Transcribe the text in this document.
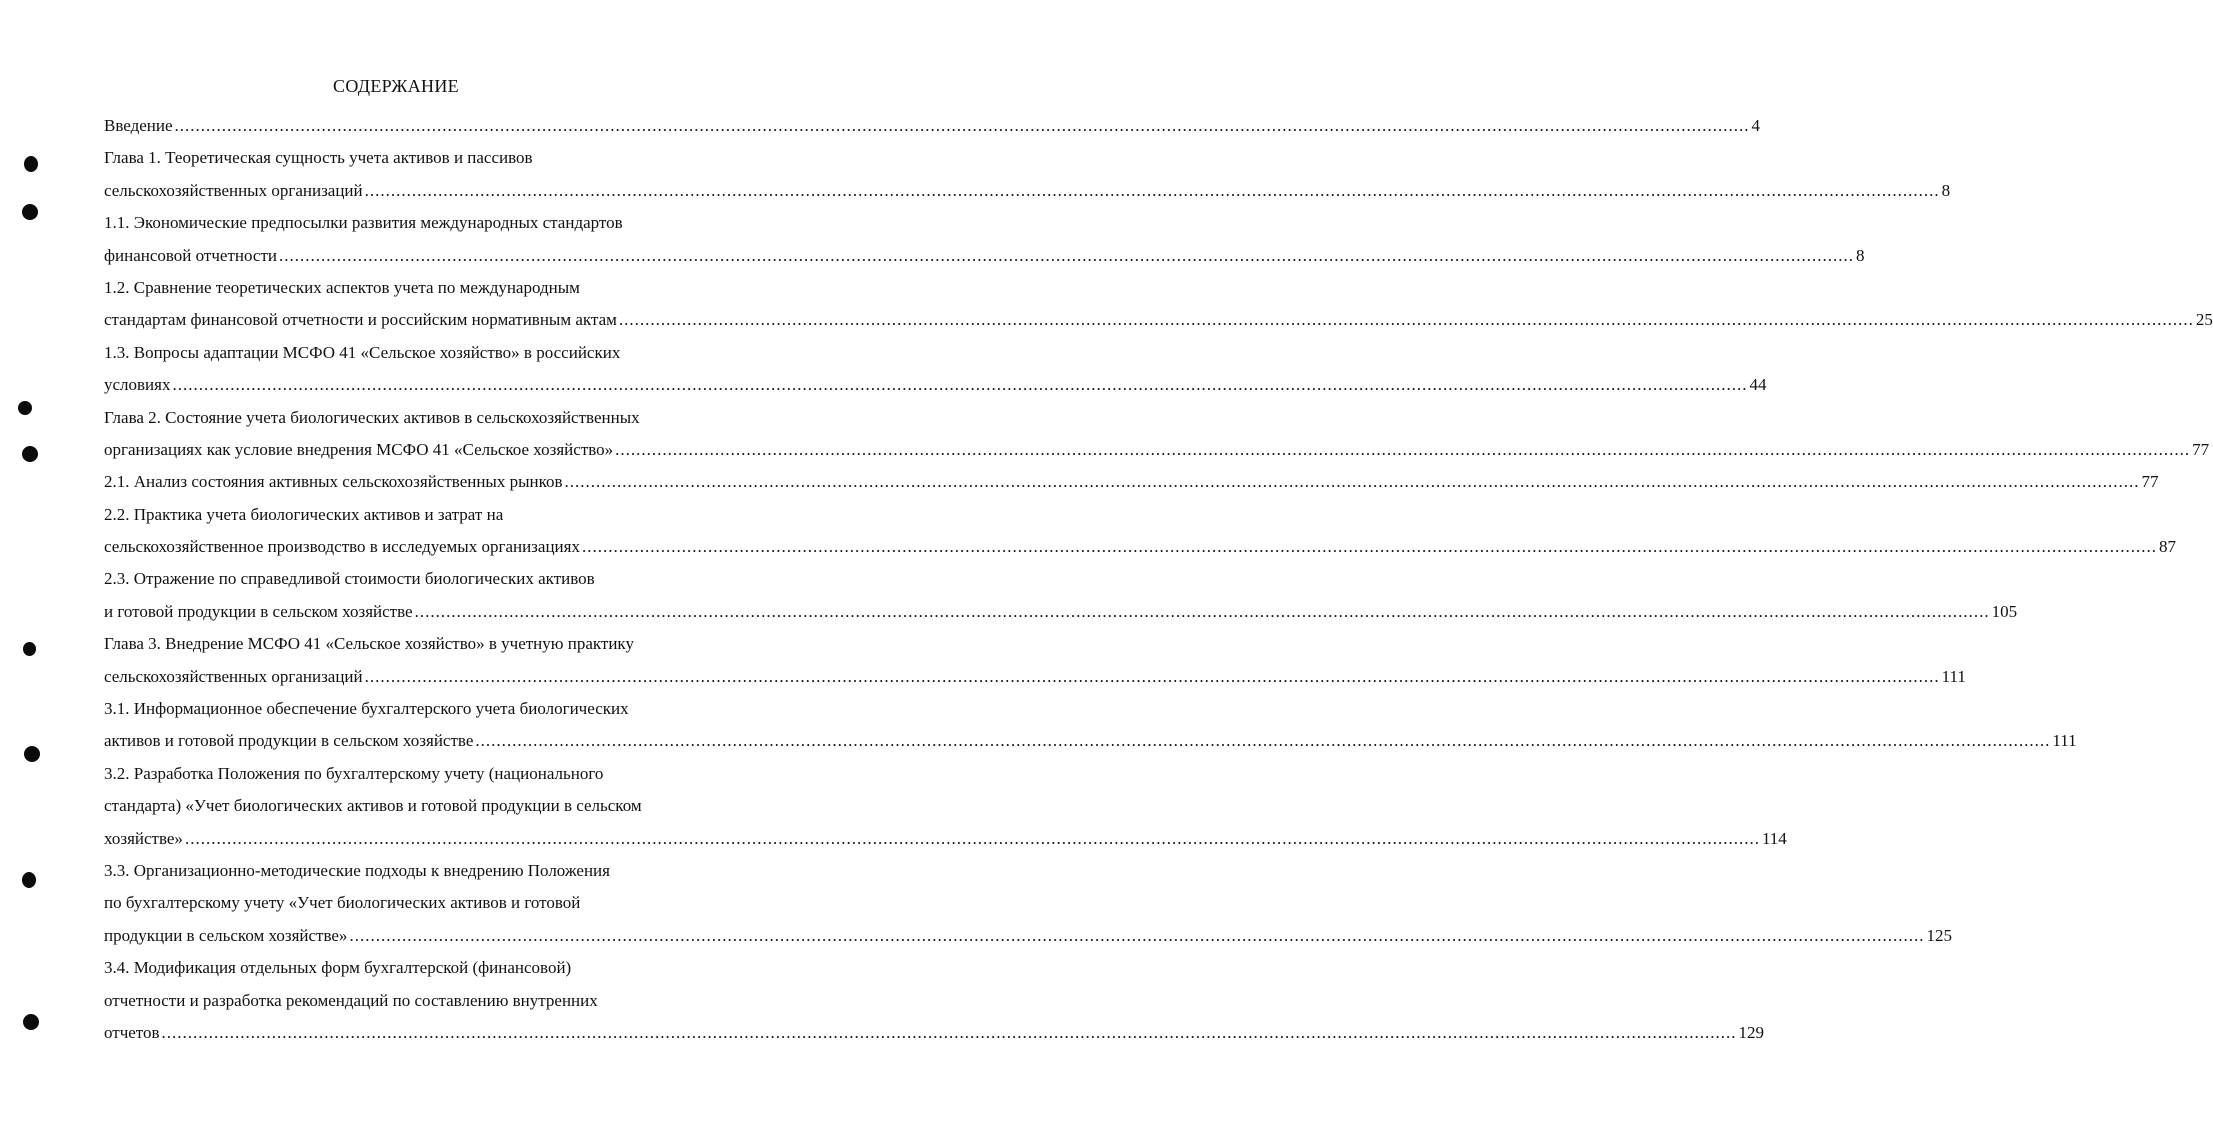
СОДЕРЖАНИЕ
Введение ............................................................................................................................................................................................................................................................................................................ 4
Глава 1. Теоретическая сущность учета активов и пассивов
сельскохозяйственных организаций ............................................................................................................................................................................................................................................................................................................ 8
1.1. Экономические предпосылки развития международных стандартов
финансовой отчетности ............................................................................................................................................................................................................................................................................................................ 8
1.2. Сравнение теоретических аспектов учета по международным
стандартам финансовой отчетности и российским нормативным актам ............................................................................................................................................................................................................................................................................................................ 25
1.3. Вопросы адаптации МСФО 41 «Сельское хозяйство» в российских
условиях ............................................................................................................................................................................................................................................................................................................ 44
Глава 2. Состояние учета биологических активов в сельскохозяйственных
организациях как условие внедрения МСФО 41 «Сельское хозяйство» ............................................................................................................................................................................................................................................................................................................ 77
2.1. Анализ состояния активных сельскохозяйственных рынков ............................................................................................................................................................................................................................................................................................................ 77
2.2. Практика учета биологических активов и затрат на
сельскохозяйственное производство в исследуемых организациях ............................................................................................................................................................................................................................................................................................................ 87
2.3. Отражение по справедливой стоимости биологических активов
и готовой продукции в сельском хозяйстве ............................................................................................................................................................................................................................................................................................................ 105
Глава 3. Внедрение МСФО 41 «Сельское хозяйство» в учетную практику
сельскохозяйственных организаций ............................................................................................................................................................................................................................................................................................................ 111
3.1. Информационное обеспечение бухгалтерского учета биологических
активов и готовой продукции в сельском хозяйстве ............................................................................................................................................................................................................................................................................................................ 111
3.2. Разработка Положения по бухгалтерскому учету (национального
стандарта) «Учет биологических активов и готовой продукции в сельском
хозяйстве» ............................................................................................................................................................................................................................................................................................................ 114
3.3. Организационно-методические подходы к внедрению Положения
по бухгалтерскому учету «Учет биологических активов и готовой
продукции в сельском хозяйстве» ............................................................................................................................................................................................................................................................................................................ 125
3.4. Модификация отдельных форм бухгалтерской (финансовой)
отчетности и разработка рекомендаций по составлению внутренних
отчетов ............................................................................................................................................................................................................................................................................................................ 129
